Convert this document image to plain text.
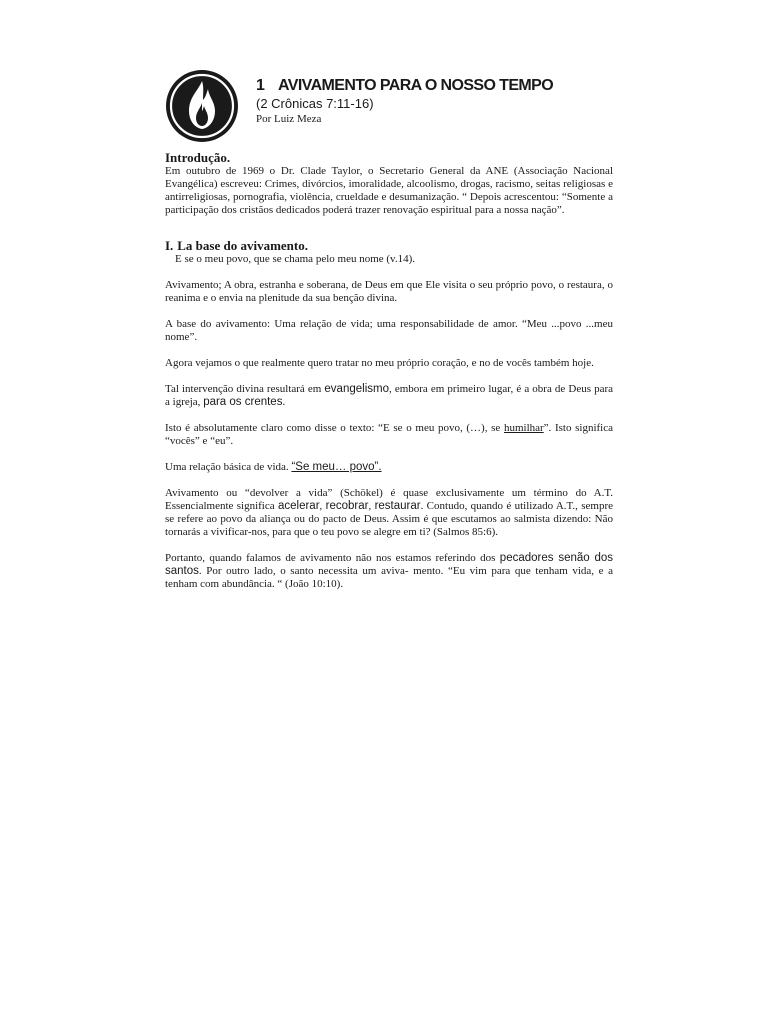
1 AVIVAMENTO PARA O NOSSO TEMPO

(2 Crônicas 7:11-16)

Por Luiz Meza

Introdução.

Em outubro de 1969 o Dr. Clade Taylor, o Secretario General da ANE (Associação Nacional Evangélica) escreveu: Crimes, divórcios, imoralidade, alcoolismo, drogas, racismo, seitas religiosas e antirreligiosas, pornografia, violência, crueldade e desumanização. “ Depois acrescentou: “Somente a participação dos cristãos dedicados poderá trazer renovação espiritual para a nossa nação”.

I. La base do avivamento.

E se o meu povo, que se chama pelo meu nome (v.14).

Avivamento; A obra, estranha e soberana, de Deus em que Ele visita o seu próprio povo, o restaura, o reanima e o envia na plenitude da sua benção divina.

A base do avivamento: Uma relação de vida; uma responsabilidade de amor. “Meu ...povo ...meu nome”.

Agora vejamos o que realmente quero tratar no meu próprio coração, e no de vocês também hoje.

Tal intervenção divina resultará em evangelismo, embora em primeiro lugar, é a obra de Deus para a igreja, para os crentes.

Isto é absolutamente claro como disse o texto: “E se o meu povo, (…), se humilhar”. Isto significa “vocês” e “eu”.

Uma relação básica de vida. “Se meu… povo”.

Avivamento ou “devolver a vida” (Schökel) é quase exclusivamente um término do A.T. Essencialmente significa acelerar, recobrar, restaurar. Contudo, quando é utilizado A.T., sempre se refere ao povo da aliança ou do pacto de Deus. Assim é que escutamos ao salmista dizendo: Não tornarás a vivificar-nos, para que o teu povo se alegre em ti? (Salmos 85:6).

Portanto, quando falamos de avivamento não nos estamos referindo dos pecadores senão dos santos. Por outro lado, o santo necessita um aviva- mento. “Eu vim para que tenham vida, e a tenham com abundância. “ (João 10:10).
